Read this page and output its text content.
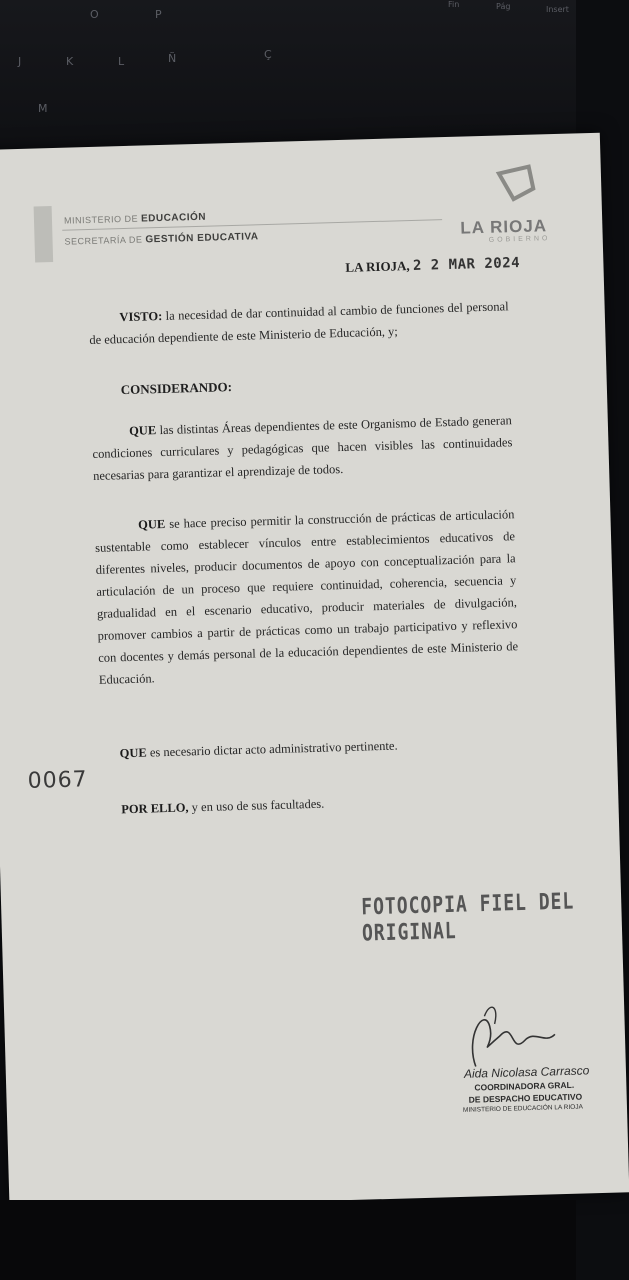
O	P
J	K	L	Ñ	Ç
M
Fin	Pág	Insert
MINISTERIO DE EDUCACIÓN
SECRETARÍA DE GESTIÓN EDUCATIVA
LA RIOJA
GOBIERNO
LA RIOJA, 2 2 MAR 2024
VISTO: la necesidad de dar continuidad al cambio de funciones del personal de educación dependiente de este Ministerio de Educación, y;
CONSIDERANDO:
QUE las distintas Áreas dependientes de este Organismo de Estado generan condiciones curriculares y pedagógicas que hacen visibles las continuidades necesarias para garantizar el aprendizaje de todos.
QUE se hace preciso permitir la construcción de prácticas de articulación sustentable como establecer vínculos entre establecimientos educativos de diferentes niveles, producir documentos de apoyo con conceptualización para la articulación de un proceso que requiere continuidad, coherencia, secuencia y gradualidad en el escenario educativo, producir materiales de divulgación, promover cambios a partir de prácticas como un trabajo participativo y reflexivo con docentes y demás personal de la educación dependientes de este Ministerio de Educación.
0067
QUE es necesario dictar acto administrativo pertinente.
POR ELLO, y en uso de sus facultades.
FOTOCOPIA FIEL DEL ORIGINAL
Aida Nicolasa Carrasco
COORDINADORA GRAL.
DE DESPACHO EDUCATIVO
MINISTERIO DE EDUCACIÓN LA RIOJA
